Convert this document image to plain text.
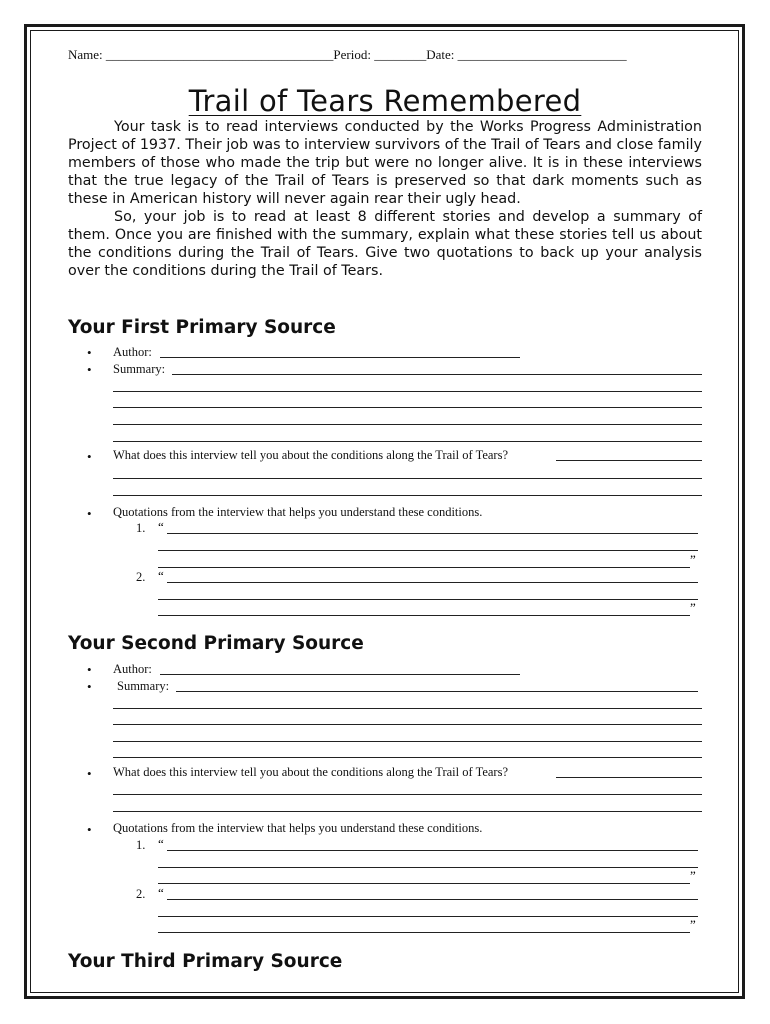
Name: ___________________________________Period: ________Date: __________________________
Trail of Tears Remembered

Your task is to read interviews conducted by the Works Progress Administration Project of 1937. Their job was to interview survivors of the Trail of Tears and close family members of those who made the trip but were no longer alive. It is in these interviews that the true legacy of the Trail of Tears is preserved so that dark moments such as these in American history will never again rear their ugly head.

So, your job is to read at least 8 different stories and develop a summary of them. Once you are finished with the summary, explain what these stories tell us about the conditions during the Trail of Tears. Give two quotations to back up your analysis over the conditions during the Trail of Tears.

Your First Primary Source
•	Author:
•	Summary:
•	What does this interview tell you about the conditions along the Trail of Tears?
•	Quotations from the interview that helps you understand these conditions.
1. “
”
2. “
”
Your Second Primary Source
•	Author:
•	Summary:
•	What does this interview tell you about the conditions along the Trail of Tears?
•	Quotations from the interview that helps you understand these conditions.
1. “
”
2. “
”
Your Third Primary Source
